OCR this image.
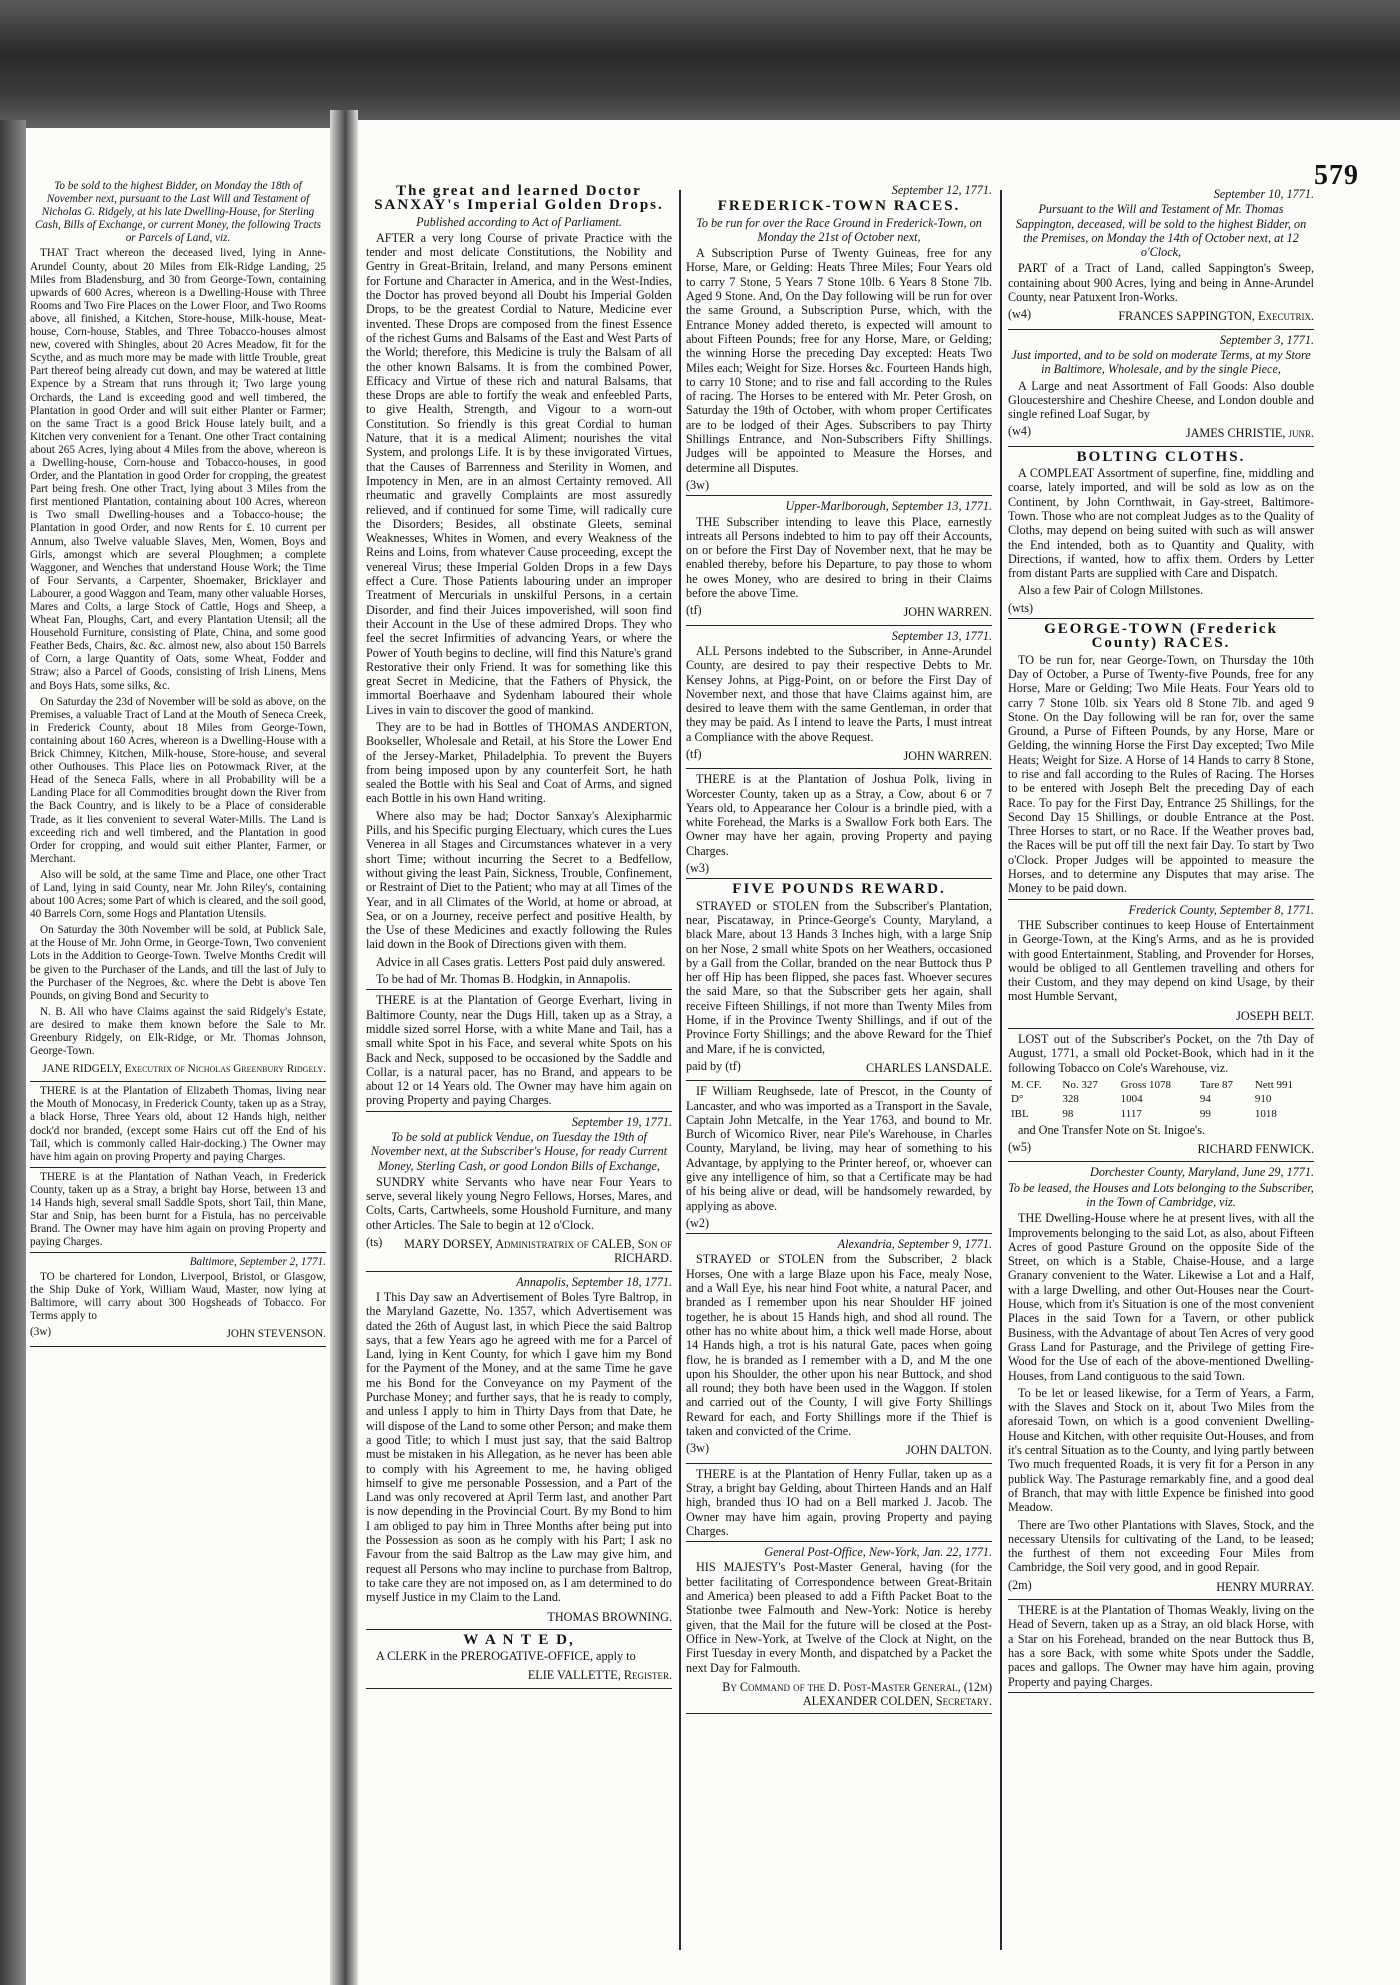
579
To be sold to the highest Bidder, on Monday the 18th of November next, pursuant to the Last Will and Testament of Nicholas G. Ridgely, at his late Dwelling-House, for Sterling Cash, Bills of Exchange, or current Money, the following Tracts or Parcels of Land, viz.

THAT Tract whereon the deceased lived, lying in Anne-Arundel County, about 20 Miles from Elk-Ridge Landing, 25 Miles from Bladensburg, and 30 from George-Town, containing upwards of 600 Acres, whereon is a Dwelling-House with Three Rooms and Two Fire Places on the Lower Floor, and Two Rooms above, all finished, a Kitchen, Store-house, Milk-house, Meat-house, Corn-house, Stables, and Three Tobacco-houses almost new, covered with Shingles, about 20 Acres Meadow, fit for the Scythe, and as much more may be made with little Trouble, great Part thereof being already cut down, and may be watered at little Expence by a Stream that runs through it; Two large young Orchards, the Land is exceeding good and well timbered, the Plantation in good Order and will suit either Planter or Farmer; on the same Tract is a good Brick House lately built, and a Kitchen very convenient for a Tenant. One other Tract containing about 265 Acres, lying about 4 Miles from the above, whereon is a Dwelling-house, Corn-house and Tobacco-houses, in good Order, and the Plantation in good Order for cropping, the greatest Part being fresh. One other Tract, lying about 3 Miles from the first mentioned Plantation, containing about 100 Acres, whereon is Two small Dwelling-houses and a Tobacco-house; the Plantation in good Order, and now Rents for £. 10 current per Annum, also Twelve valuable Slaves, Men, Women, Boys and Girls, amongst which are several Ploughmen; a complete Waggoner, and Wenches that understand House Work; the Time of Four Servants, a Carpenter, Shoemaker, Bricklayer and Labourer, a good Waggon and Team, many other valuable Horses, Mares and Colts, a large Stock of Cattle, Hogs and Sheep, a Wheat Fan, Ploughs, Cart, and every Plantation Utensil; all the Household Furniture, consisting of Plate, China, and some good Feather Beds, Chairs, &c. &c. almost new, also about 150 Barrels of Corn, a large Quantity of Oats, some Wheat, Fodder and Straw; also a Parcel of Goods, consisting of Irish Linens, Mens and Boys Hats, some silks, &c.

On Saturday the 23d of November will be sold as above, on the Premises, a valuable Tract of Land at the Mouth of Seneca Creek, in Frederick County, about 18 Miles from George-Town, containing about 160 Acres, whereon is a Dwelling-House with a Brick Chimney, Kitchen, Milk-house, Store-house, and several other Outhouses. This Place lies on Potowmack River, at the Head of the Seneca Falls, where in all Probability will be a Landing Place for all Commodities brought down the River from the Back Country, and is likely to be a Place of considerable Trade, as it lies convenient to several Water-Mills. The Land is exceeding rich and well timbered, and the Plantation in good Order for cropping, and would suit either Planter, Farmer, or Merchant.

Also will be sold, at the same Time and Place, one other Tract of Land, lying in said County, near Mr. John Riley's, containing about 100 Acres; some Part of which is cleared, and the soil good, 40 Barrels Corn, some Hogs and Plantation Utensils.

On Saturday the 30th November will be sold, at Publick Sale, at the House of Mr. John Orme, in George-Town, Two convenient Lots in the Addition to George-Town. Twelve Months Credit will be given to the Purchaser of the Lands, and till the last of July to the Purchaser of the Negroes, &c. where the Debt is above Ten Pounds, on giving Bond and Security to

N. B. All who have Claims against the said Ridgely's Estate, are desired to make them known before the Sale to Mr. Greenbury Ridgely, on Elk-Ridge, or Mr. Thomas Johnson, George-Town.

JANE RIDGELY, Executrix of Nicholas Greenbury Ridgely.

THERE is at the Plantation of Elizabeth Thomas, living near the Mouth of Monocasy, in Frederick County, taken up as a Stray, a black Horse, Three Years old, about 12 Hands high, neither dock'd nor branded, (except some Hairs cut off the End of his Tail, which is commonly called Hair-docking.) The Owner may have him again on proving Property and paying Charges.

THERE is at the Plantation of Nathan Veach, in Frederick County, taken up as a Stray, a bright bay Horse, between 13 and 14 Hands high, several small Saddle Spots, short Tail, thin Mane, Star and Snip, has been burnt for a Fistula, has no perceivable Brand. The Owner may have him again on proving Property and paying Charges.

Baltimore, September 2, 1771.

TO be chartered for London, Liverpool, Bristol, or Glasgow, the Ship Duke of York, William Waud, Master, now lying at Baltimore, will carry about 300 Hogsheads of Tobacco. For Terms apply to

(3w)	JOHN STEVENSON.
The great and learned Doctor SANXAY's Imperial Golden Drops.
Published according to Act of Parliament.

AFTER a very long Course of private Practice with the tender and most delicate Constitutions, the Nobility and Gentry in Great-Britain, Ireland, and many Persons eminent for Fortune and Character in America, and in the West-Indies, the Doctor has proved beyond all Doubt his Imperial Golden Drops, to be the greatest Cordial to Nature, Medicine ever invented. These Drops are composed from the finest Essence of the richest Gums and Balsams of the East and West Parts of the World; therefore, this Medicine is truly the Balsam of all the other known Balsams. It is from the combined Power, Efficacy and Virtue of these rich and natural Balsams, that these Drops are able to fortify the weak and enfeebled Parts, to give Health, Strength, and Vigour to a worn-out Constitution. So friendly is this great Cordial to human Nature, that it is a medical Aliment; nourishes the vital System, and prolongs Life. It is by these invigorated Virtues, that the Causes of Barrenness and Sterility in Women, and Impotency in Men, are in an almost Certainty removed. All rheumatic and gravelly Complaints are most assuredly relieved, and if continued for some Time, will radically cure the Disorders; Besides, all obstinate Gleets, seminal Weaknesses, Whites in Women, and every Weakness of the Reins and Loins, from whatever Cause proceeding, except the venereal Virus; these Imperial Golden Drops in a few Days effect a Cure. Those Patients labouring under an improper Treatment of Mercurials in unskilful Persons, in a certain Disorder, and find their Juices impoverished, will soon find their Account in the Use of these admired Drops. They who feel the secret Infirmities of advancing Years, or where the Power of Youth begins to decline, will find this Nature's grand Restorative their only Friend. It was for something like this great Secret in Medicine, that the Fathers of Physick, the immortal Boerhaave and Sydenham laboured their whole Lives in vain to discover the good of mankind.

They are to be had in Bottles of THOMAS ANDERTON, Bookseller, Wholesale and Retail, at his Store the Lower End of the Jersey-Market, Philadelphia. To prevent the Buyers from being imposed upon by any counterfeit Sort, he hath sealed the Bottle with his Seal and Coat of Arms, and signed each Bottle in his own Hand writing.

Where also may be had; Doctor Sanxay's Alexipharmic Pills, and his Specific purging Electuary, which cures the Lues Venerea in all Stages and Circumstances whatever in a very short Time; without incurring the Secret to a Bedfellow, without giving the least Pain, Sickness, Trouble, Confinement, or Restraint of Diet to the Patient; who may at all Times of the Year, and in all Climates of the World, at home or abroad, at Sea, or on a Journey, receive perfect and positive Health, by the Use of these Medicines and exactly following the Rules laid down in the Book of Directions given with them.

Advice in all Cases gratis. Letters Post paid duly answered.

To be had of Mr. Thomas B. Hodgkin, in Annapolis.

THERE is at the Plantation of George Everhart, living in Baltimore County, near the Dugs Hill, taken up as a Stray, a middle sized sorrel Horse, with a white Mane and Tail, has a small white Spot in his Face, and several white Spots on his Back and Neck, supposed to be occasioned by the Saddle and Collar, is a natural pacer, has no Brand, and appears to be about 12 or 14 Years old. The Owner may have him again on proving Property and paying Charges.

September 19, 1771.
To be sold at publick Vendue, on Tuesday the 19th of November next, at the Subscriber's House, for ready Current Money, Sterling Cash, or good London Bills of Exchange,

SUNDRY white Servants who have near Four Years to serve, several likely young Negro Fellows, Horses, Mares, and Colts, Carts, Cartwheels, some Houshold Furniture, and many other Articles. The Sale to begin at 12 o'Clock.

(ts)	MARY DORSEY, Administratrix of CALEB, Son of RICHARD.
Annapolis, September 18, 1771.

I This Day saw an Advertisement of Boles Tyre Baltrop, in the Maryland Gazette, No. 1357, which Advertisement was dated the 26th of August last, in which Piece the said Baltrop says, that a few Years ago he agreed with me for a Parcel of Land, lying in Kent County, for which I gave him my Bond for the Payment of the Money, and at the same Time he gave me his Bond for the Conveyance on my Payment of the Purchase Money; and further says, that he is ready to comply, and unless I apply to him in Thirty Days from that Date, he will dispose of the Land to some other Person; and make them a good Title; to which I must just say, that the said Baltrop must be mistaken in his Allegation, as he never has been able to comply with his Agreement to me, he having obliged himself to give me personable Possession, and a Part of the Land was only recovered at April Term last, and another Part is now depending in the Provincial Court. By my Bond to him I am obliged to pay him in Three Months after being put into the Possession as soon as he comply with his Part; I ask no Favour from the said Baltrop as the Law may give him, and request all Persons who may incline to purchase from Baltrop, to take care they are not imposed on, as I am determined to do myself Justice in my Claim to the Land.

THOMAS BROWNING.
W A N T E D,

A CLERK in the PREROGATIVE-OFFICE, apply to

ELIE VALLETTE, Register.
September 12, 1771.
FREDERICK-TOWN RACES.
To be run for over the Race Ground in Frederick-Town, on Monday the 21st of October next,

A Subscription Purse of Twenty Guineas, free for any Horse, Mare, or Gelding: Heats Three Miles; Four Years old to carry 7 Stone, 5 Years 7 Stone 10lb. 6 Years 8 Stone 7lb. Aged 9 Stone. And, On the Day following will be run for over the same Ground, a Subscription Purse, which, with the Entrance Money added thereto, is expected will amount to about Fifteen Pounds; free for any Horse, Mare, or Gelding; the winning Horse the preceding Day excepted: Heats Two Miles each; Weight for Size. Horses &c. Fourteen Hands high, to carry 10 Stone; and to rise and fall according to the Rules of racing. The Horses to be entered with Mr. Peter Grosh, on Saturday the 19th of October, with whom proper Certificates are to be lodged of their Ages. Subscribers to pay Thirty Shillings Entrance, and Non-Subscribers Fifty Shillings. Judges will be appointed to Measure the Horses, and determine all Disputes.

(3w)
Upper-Marlborough, September 13, 1771.

THE Subscriber intending to leave this Place, earnestly intreats all Persons indebted to him to pay off their Accounts, on or before the First Day of November next, that he may be enabled thereby, before his Departure, to pay those to whom he owes Money, who are desired to bring in their Claims before the above Time.

(tf)	JOHN WARREN.
September 13, 1771.

ALL Persons indebted to the Subscriber, in Anne-Arundel County, are desired to pay their respective Debts to Mr. Kensey Johns, at Pigg-Point, on or before the First Day of November next, and those that have Claims against him, are desired to leave them with the same Gentleman, in order that they may be paid. As I intend to leave the Parts, I must intreat a Compliance with the above Request.

(tf)	JOHN WARREN.

THERE is at the Plantation of Joshua Polk, living in Worcester County, taken up as a Stray, a Cow, about 6 or 7 Years old, to Appearance her Colour is a brindle pied, with a white Forehead, the Marks is a Swallow Fork both Ears. The Owner may have her again, proving Property and paying Charges.

(w3)
FIVE POUNDS REWARD.

STRAYED or STOLEN from the Subscriber's Plantation, near, Piscataway, in Prince-George's County, Maryland, a black Mare, about 13 Hands 3 Inches high, with a large Snip on her Nose, 2 small white Spots on her Weathers, occasioned by a Gall from the Collar, branded on the near Buttock thus P her off Hip has been flipped, she paces fast. Whoever secures the said Mare, so that the Subscriber gets her again, shall receive Fifteen Shillings, if not more than Twenty Miles from Home, if in the Province Twenty Shillings, and if out of the Province Forty Shillings; and the above Reward for the Thief and Mare, if he is convicted,

paid by (tf)	CHARLES LANSDALE.

IF William Reughsede, late of Prescot, in the County of Lancaster, and who was imported as a Transport in the Savale, Captain John Metcalfe, in the Year 1763, and bound to Mr. Burch of Wicomico River, near Pile's Warehouse, in Charles County, Maryland, be living, may hear of something to his Advantage, by applying to the Printer hereof, or, whoever can give any intelligence of him, so that a Certificate may be had of his being alive or dead, will be handsomely rewarded, by applying as above.

(w2)
Alexandria, September 9, 1771.

STRAYED or STOLEN from the Subscriber, 2 black Horses, One with a large Blaze upon his Face, mealy Nose, and a Wall Eye, his near hind Foot white, a natural Pacer, and branded as I remember upon his near Shoulder HF joined together, he is about 15 Hands high, and shod all round. The other has no white about him, a thick well made Horse, about 14 Hands high, a trot is his natural Gate, paces when going flow, he is branded as I remember with a D, and M the one upon his Shoulder, the other upon his near Buttock, and shod all round; they both have been used in the Waggon. If stolen and carried out of the County, I will give Forty Shillings Reward for each, and Forty Shillings more if the Thief is taken and convicted of the Crime.

(3w)	JOHN DALTON.

THERE is at the Plantation of Henry Fullar, taken up as a Stray, a bright bay Gelding, about Thirteen Hands and an Half high, branded thus IO had on a Bell marked J. Jacob. The Owner may have him again, proving Property and paying Charges.

General Post-Office, New-York, Jan. 22, 1771.

HIS MAJESTY's Post-Master General, having (for the better facilitating of Correspondence between Great-Britain and America) been pleased to add a Fifth Packet Boat to the Stationbe twee Falmouth and New-York: Notice is hereby given, that the Mail for the future will be closed at the Post-Office in New-York, at Twelve of the Clock at Night, on the First Tuesday in every Month, and dispatched by a Packet the next Day for Falmouth.

By Command of the D. Post-Master General, (12m) ALEXANDER COLDEN, Secretary.
September 10, 1771.
Pursuant to the Will and Testament of Mr. Thomas Sappington, deceased, will be sold to the highest Bidder, on the Premises, on Monday the 14th of October next, at 12 o'Clock,

PART of a Tract of Land, called Sappington's Sweep, containing about 900 Acres, lying and being in Anne-Arundel County, near Patuxent Iron-Works.

(w4)	FRANCES SAPPINGTON, Executrix.
September 3, 1771.
Just imported, and to be sold on moderate Terms, at my Store in Baltimore, Wholesale, and by the single Piece,

A Large and neat Assortment of Fall Goods: Also double Gloucestershire and Cheshire Cheese, and London double and single refined Loaf Sugar, by

(w4)	JAMES CHRISTIE, junr.
BOLTING CLOTHS.

A COMPLEAT Assortment of superfine, fine, middling and coarse, lately imported, and will be sold as low as on the Continent, by John Cornthwait, in Gay-street, Baltimore-Town. Those who are not compleat Judges as to the Quality of Cloths, may depend on being suited with such as will answer the End intended, both as to Quantity and Quality, with Directions, if wanted, how to affix them. Orders by Letter from distant Parts are supplied with Care and Dispatch.

Also a few Pair of Cologn Millstones.

(wts)
GEORGE-TOWN (Frederick County) RACES.

TO be run for, near George-Town, on Thursday the 10th Day of October, a Purse of Twenty-five Pounds, free for any Horse, Mare or Gelding; Two Mile Heats. Four Years old to carry 7 Stone 10lb. six Years old 8 Stone 7lb. and aged 9 Stone. On the Day following will be ran for, over the same Ground, a Purse of Fifteen Pounds, by any Horse, Mare or Gelding, the winning Horse the First Day excepted; Two Mile Heats; Weight for Size. A Horse of 14 Hands to carry 8 Stone, to rise and fall according to the Rules of Racing. The Horses to be entered with Joseph Belt the preceding Day of each Race. To pay for the First Day, Entrance 25 Shillings, for the Second Day 15 Shillings, or double Entrance at the Post. Three Horses to start, or no Race. If the Weather proves bad, the Races will be put off till the next fair Day. To start by Two o'Clock. Proper Judges will be appointed to measure the Horses, and to determine any Disputes that may arise. The Money to be paid down.

Frederick County, September 8, 1771.

THE Subscriber continues to keep House of Entertainment in George-Town, at the King's Arms, and as he is provided with good Entertainment, Stabling, and Provender for Horses, would be obliged to all Gentlemen travelling and others for their Custom, and they may depend on kind Usage, by their most Humble Servant,

JOSEPH BELT.

LOST out of the Subscriber's Pocket, on the 7th Day of August, 1771, a small old Pocket-Book, which had in it the following Tobacco on Cole's Warehouse, viz.

M. CF.	No. 327	Gross 1078	Tare 87	Nett 991
D°	328	1004	94	910
IBL	98	1117	99	1018

and One Transfer Note on St. Inigoe's.

(w5)	RICHARD FENWICK.
Dorchester County, Maryland, June 29, 1771.
To be leased, the Houses and Lots belonging to the Subscriber, in the Town of Cambridge, viz.

THE Dwelling-House where he at present lives, with all the Improvements belonging to the said Lot, as also, about Fifteen Acres of good Pasture Ground on the opposite Side of the Street, on which is a Stable, Chaise-House, and a large Granary convenient to the Water. Likewise a Lot and a Half, with a large Dwelling, and other Out-Houses near the Court-House, which from it's Situation is one of the most convenient Places in the said Town for a Tavern, or other publick Business, with the Advantage of about Ten Acres of very good Grass Land for Pasturage, and the Privilege of getting Fire-Wood for the Use of each of the above-mentioned Dwelling-Houses, from Land contiguous to the said Town.

To be let or leased likewise, for a Term of Years, a Farm, with the Slaves and Stock on it, about Two Miles from the aforesaid Town, on which is a good convenient Dwelling-House and Kitchen, with other requisite Out-Houses, and from it's central Situation as to the County, and lying partly between Two much frequented Roads, it is very fit for a Person in any publick Way. The Pasturage remarkably fine, and a good deal of Branch, that may with little Expence be finished into good Meadow.

There are Two other Plantations with Slaves, Stock, and the necessary Utensils for cultivating of the Land, to be leased; the furthest of them not exceeding Four Miles from Cambridge, the Soil very good, and in good Repair.

(2m)	HENRY MURRAY.

THERE is at the Plantation of Thomas Weakly, living on the Head of Severn, taken up as a Stray, an old black Horse, with a Star on his Forehead, branded on the near Buttock thus B, has a sore Back, with some white Spots under the Saddle, paces and gallops. The Owner may have him again, proving Property and paying Charges.
